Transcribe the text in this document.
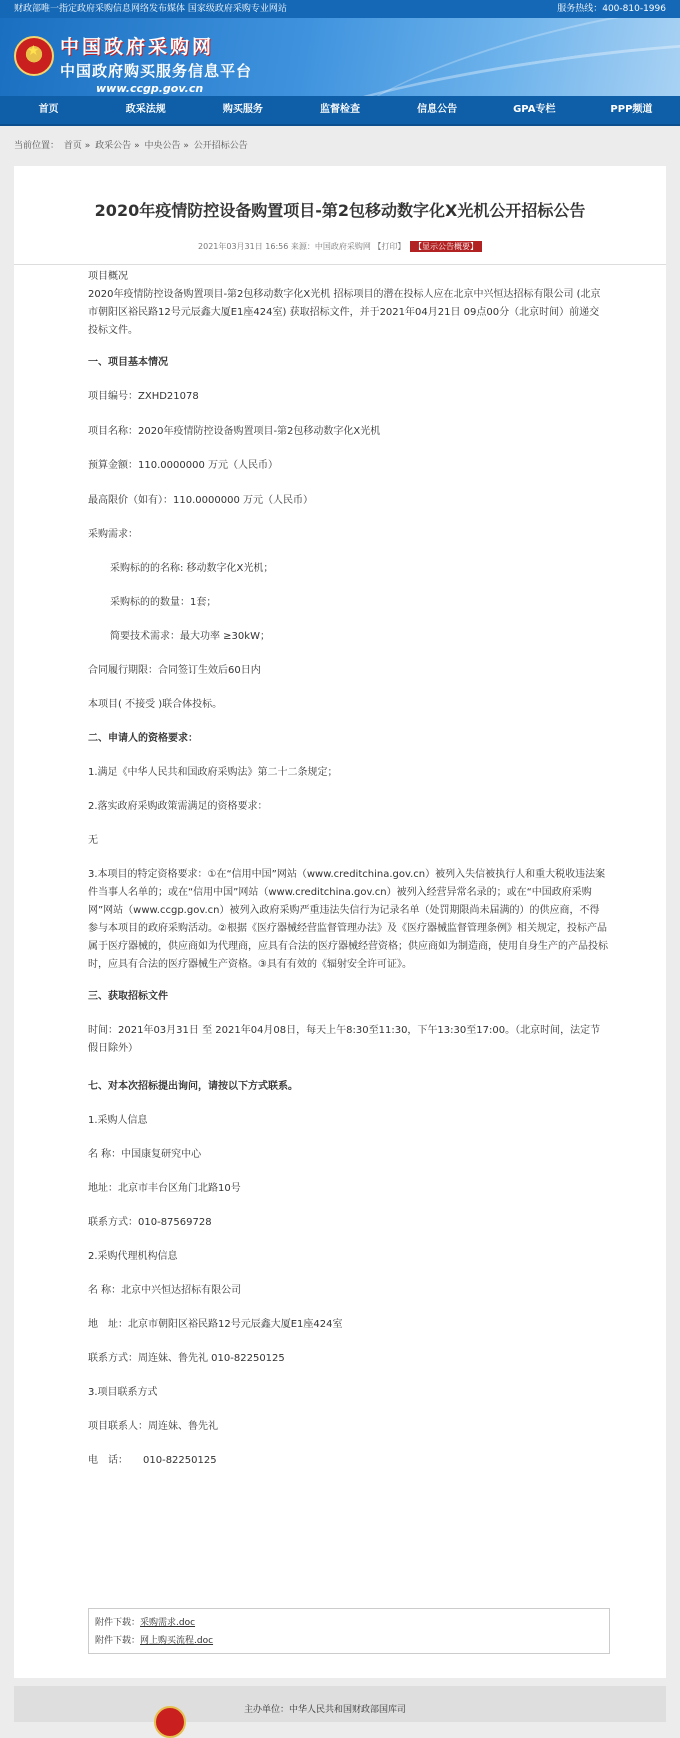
财政部唯一指定政府采购信息网络发布媒体 国家级政府采购专业网站	服务热线：400-810-1996
★
中国政府采购网
中国政府购买服务信息平台
www.ccgp.gov.cn
首页	政采法规	购买服务	监督检查	信息公告	GPA专栏	PPP频道
当前位置： 首页 » 政采公告 » 中央公告 » 公开招标公告
2020年疫情防控设备购置项目-第2包移动数字化X光机公开招标公告
2021年03月31日 16:56 来源：中国政府采购网 【打印】 【显示公告概要】
项目概况
2020年疫情防控设备购置项目-第2包移动数字化X光机 招标项目的潜在投标人应在北京中兴恒达招标有限公司 (北京市朝阳区裕民路12号元辰鑫大厦E1座424室) 获取招标文件，并于2021年04月21日 09点00分（北京时间）前递交投标文件。
一、项目基本情况
项目编号：ZXHD21078
项目名称：2020年疫情防控设备购置项目-第2包移动数字化X光机
预算金额：110.0000000 万元（人民币）
最高限价（如有）：110.0000000 万元（人民币）
采购需求：
采购标的的名称: 移动数字化X光机；
采购标的的数量：1套；
简要技术需求：最大功率 ≥30kW；
合同履行期限：合同签订生效后60日内
本项目( 不接受 )联合体投标。
二、申请人的资格要求：
1.满足《中华人民共和国政府采购法》第二十二条规定；
2.落实政府采购政策需满足的资格要求：
无
3.本项目的特定资格要求：①在“信用中国”网站（www.creditchina.gov.cn）被列入失信被执行人和重大税收违法案件当事人名单的；或在“信用中国”网站（www.creditchina.gov.cn）被列入经营异常名录的；或在“中国政府采购网”网站（www.ccgp.gov.cn）被列入政府采购严重违法失信行为记录名单（处罚期限尚未届满的）的供应商，不得参与本项目的政府采购活动。②根据《医疗器械经营监督管理办法》及《医疗器械监督管理条例》相关规定，投标产品属于医疗器械的，供应商如为代理商，应具有合法的医疗器械经营资格；供应商如为制造商，使用自身生产的产品投标时，应具有合法的医疗器械生产资格。③具有有效的《辐射安全许可证》。
三、获取招标文件
时间：2021年03月31日 至 2021年04月08日，每天上午8:30至11:30，下午13:30至17:00。（北京时间，法定节假日除外）
七、对本次招标提出询问，请按以下方式联系。
1.采购人信息
名 称：中国康复研究中心
地址：北京市丰台区角门北路10号
联系方式：010-87569728
2.采购代理机构信息
名 称：北京中兴恒达招标有限公司
地　址：北京市朝阳区裕民路12号元辰鑫大厦E1座424室
联系方式：周连妹、鲁先礼 010-82250125
3.项目联系方式
项目联系人：周连妹、鲁先礼
电　话：　　010-82250125
附件下载：采购需求.doc
附件下载：网上购买流程.doc
主办单位：中华人民共和国财政部国库司
